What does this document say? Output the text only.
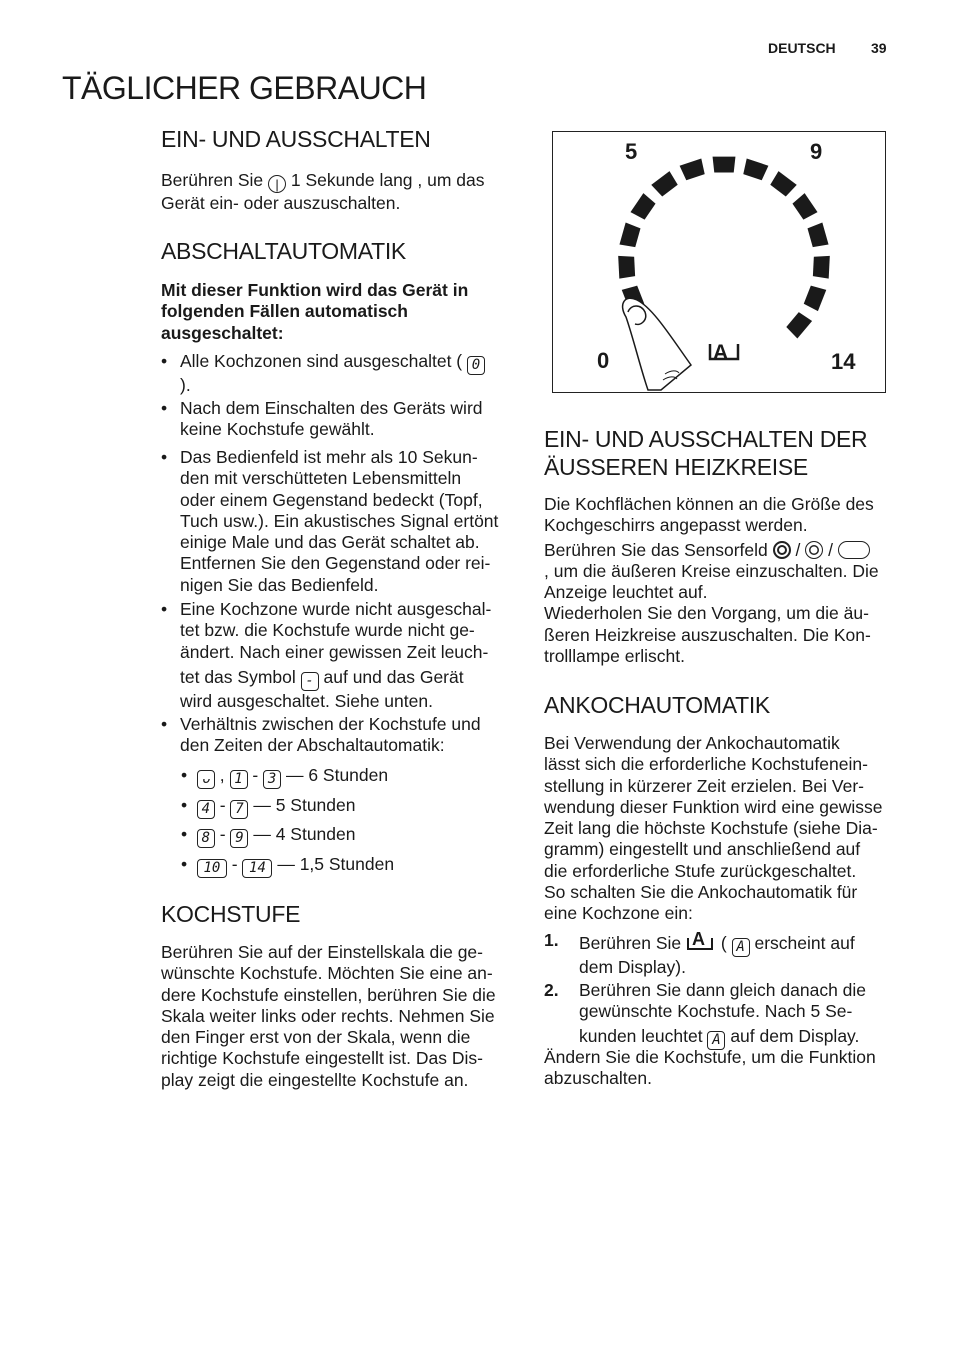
DEUTSCH	39
TÄGLICHER GEBRAUCH
EIN- UND AUSSCHALTEN
Berühren Sie | 1 Sekunde lang , um das
Gerät ein- oder auszuschalten.
ABSCHALTAUTOMATIK
Mit dieser Funktion wird das Gerät in
folgenden Fällen automatisch
ausgeschaltet:
• Alle Kochzonen sind ausgeschaltet ( 0
).
• Nach dem Einschalten des Geräts wird
keine Kochstufe gewählt.
• Das Bedienfeld ist mehr als 10 Sekun-
den mit verschütteten Lebensmitteln
oder einem Gegenstand bedeckt (Topf,
Tuch usw.). Ein akustisches Signal ertönt
einige Male und das Gerät schaltet ab.
Entfernen Sie den Gegenstand oder rei-
nigen Sie das Bedienfeld.
• Eine Kochzone wurde nicht ausgeschal-
tet bzw. die Kochstufe wurde nicht ge-
ändert. Nach einer gewissen Zeit leuch-
tet das Symbol - auf und das Gerät
wird ausgeschaltet. Siehe unten.
• Verhältnis zwischen der Kochstufe und
den Zeiten der Abschaltautomatik:
• ᴗ , 1 - 3 — 6 Stunden
• 4 - 7 — 5 Stunden
• 8 - 9 — 4 Stunden
• 10 - 14 — 1,5 Stunden
KOCHSTUFE
Berühren Sie auf der Einstellskala die ge-
wünschte Kochstufe. Möchten Sie eine an-
dere Kochstufe einstellen, berühren Sie die
Skala weiter links oder rechts. Nehmen Sie
den Finger erst von der Skala, wenn die
richtige Kochstufe eingestellt ist. Das Dis-
play zeigt die eingestellte Kochstufe an.
5	9
0	14
A
EIN- UND AUSSCHALTEN DER
ÄUSSEREN HEIZKREISE
Die Kochflächen können an die Größe des
Kochgeschirrs angepasst werden.
Berühren Sie das Sensorfeld / /
, um die äußeren Kreise einzuschalten. Die
Anzeige leuchtet auf.
Wiederholen Sie den Vorgang, um die äu-
ßeren Heizkreise auszuschalten. Die Kon-
trolllampe erlischt.
ANKOCHAUTOMATIK
Bei Verwendung der Ankochautomatik
lässt sich die erforderliche Kochstufenein-
stellung in kürzerer Zeit erzielen. Bei Ver-
wendung dieser Funktion wird eine gewisse
Zeit lang die höchste Kochstufe (siehe Dia-
gramm) eingestellt und anschließend auf
die erforderliche Stufe zurückgeschaltet.
So schalten Sie die Ankochautomatik für
eine Kochzone ein:
1. Berühren Sie A ( A erscheint auf
dem Display).
2. Berühren Sie dann gleich danach die
gewünschte Kochstufe. Nach 5 Se-
kunden leuchtet A auf dem Display.
Ändern Sie die Kochstufe, um die Funktion
abzuschalten.
